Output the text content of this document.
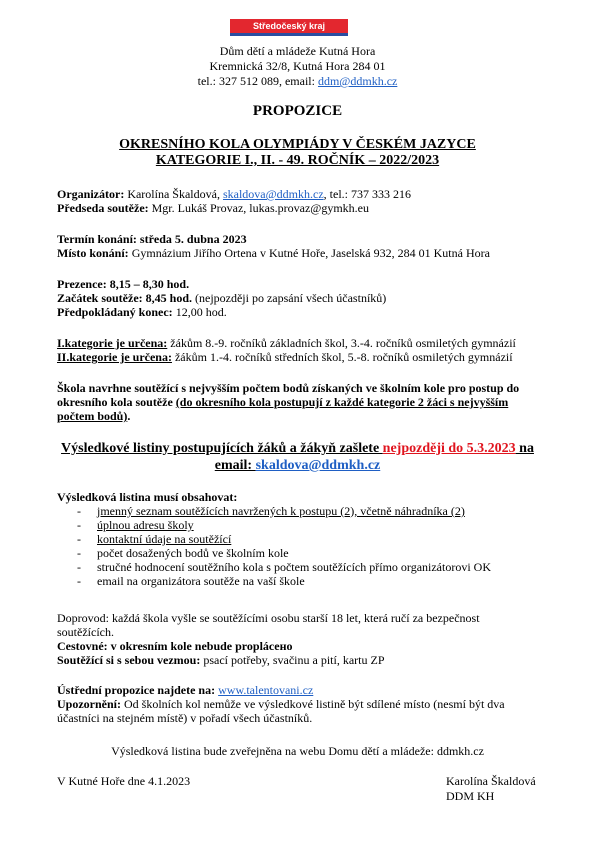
Středočeský kraj
Dům dětí a mládeže Kutná Hora
Kremnická 32/8, Kutná Hora 284 01
tel.: 327 512 089, email: ddm@ddmkh.cz
PROPOZICE
OKRESNÍHO KOLA OLYMPIÁDY V ČESKÉM JAZYCE
KATEGORIE I., II. - 49. ROČNÍK – 2022/2023
Organizátor: Karolína Škaldová, skaldova@ddmkh.cz, tel.: 737 333 216
Předseda soutěže: Mgr. Lukáš Provaz, lukas.provaz@gymkh.eu
Termín konání: středa 5. dubna 2023
Místo konání: Gymnázium Jiřího Ortena v Kutné Hoře, Jaselská 932, 284 01 Kutná Hora
Prezence: 8,15 – 8,30 hod.
Začátek soutěže: 8,45 hod. (nejpozději po zapsání všech účastníků)
Předpokládaný konec: 12,00 hod.
I.kategorie je určena: žákům 8.-9. ročníků základních škol, 3.-4. ročníků osmiletých gymnázií
II.kategorie je určena: žákům 1.-4. ročníků středních škol, 5.-8. ročníků osmiletých gymnázií
Škola navrhne soutěžící s nejvyšším počtem bodů získaných ve školním kole pro postup do
okresního kola soutěže (do okresního kola postupují z každé kategorie 2 žáci s nejvyšším
počtem bodů).
Výsledkové listiny postupujících žáků a žákyň zašlete nejpozději do 5.3.2023 na
email: skaldova@ddmkh.cz
Výsledková listina musí obsahovat:
- jmenný seznam soutěžících navržených k postupu (2), včetně náhradníka (2)
- úplnou adresu školy
- kontaktní údaje na soutěžící
- počet dosažených bodů ve školním kole
- stručné hodnocení soutěžního kola s počtem soutěžících přímo organizátorovi OK
- email na organizátora soutěže na vaší škole
Doprovod: každá škola vyšle se soutěžícími osobu starší 18 let, která ručí za bezpečnost
soutěžících.
Cestovné: v okresním kole nebude proplácено
Soutěžící si s sebou vezmou: psací potřeby, svačinu a pití, kartu ZP
Ústřední propozice najdete na: www.talentovani.cz
Upozornění: Od školních kol nemůže ve výsledkové listině být sdílené místo (nesmí být dva
účastníci na stejném místě) v pořadí všech účastníků.
Výsledková listina bude zveřejněna na webu Domu dětí a mládeže: ddmkh.cz
V Kutné Hoře dne 4.1.2023	Karolína Škaldová
DDM KH
